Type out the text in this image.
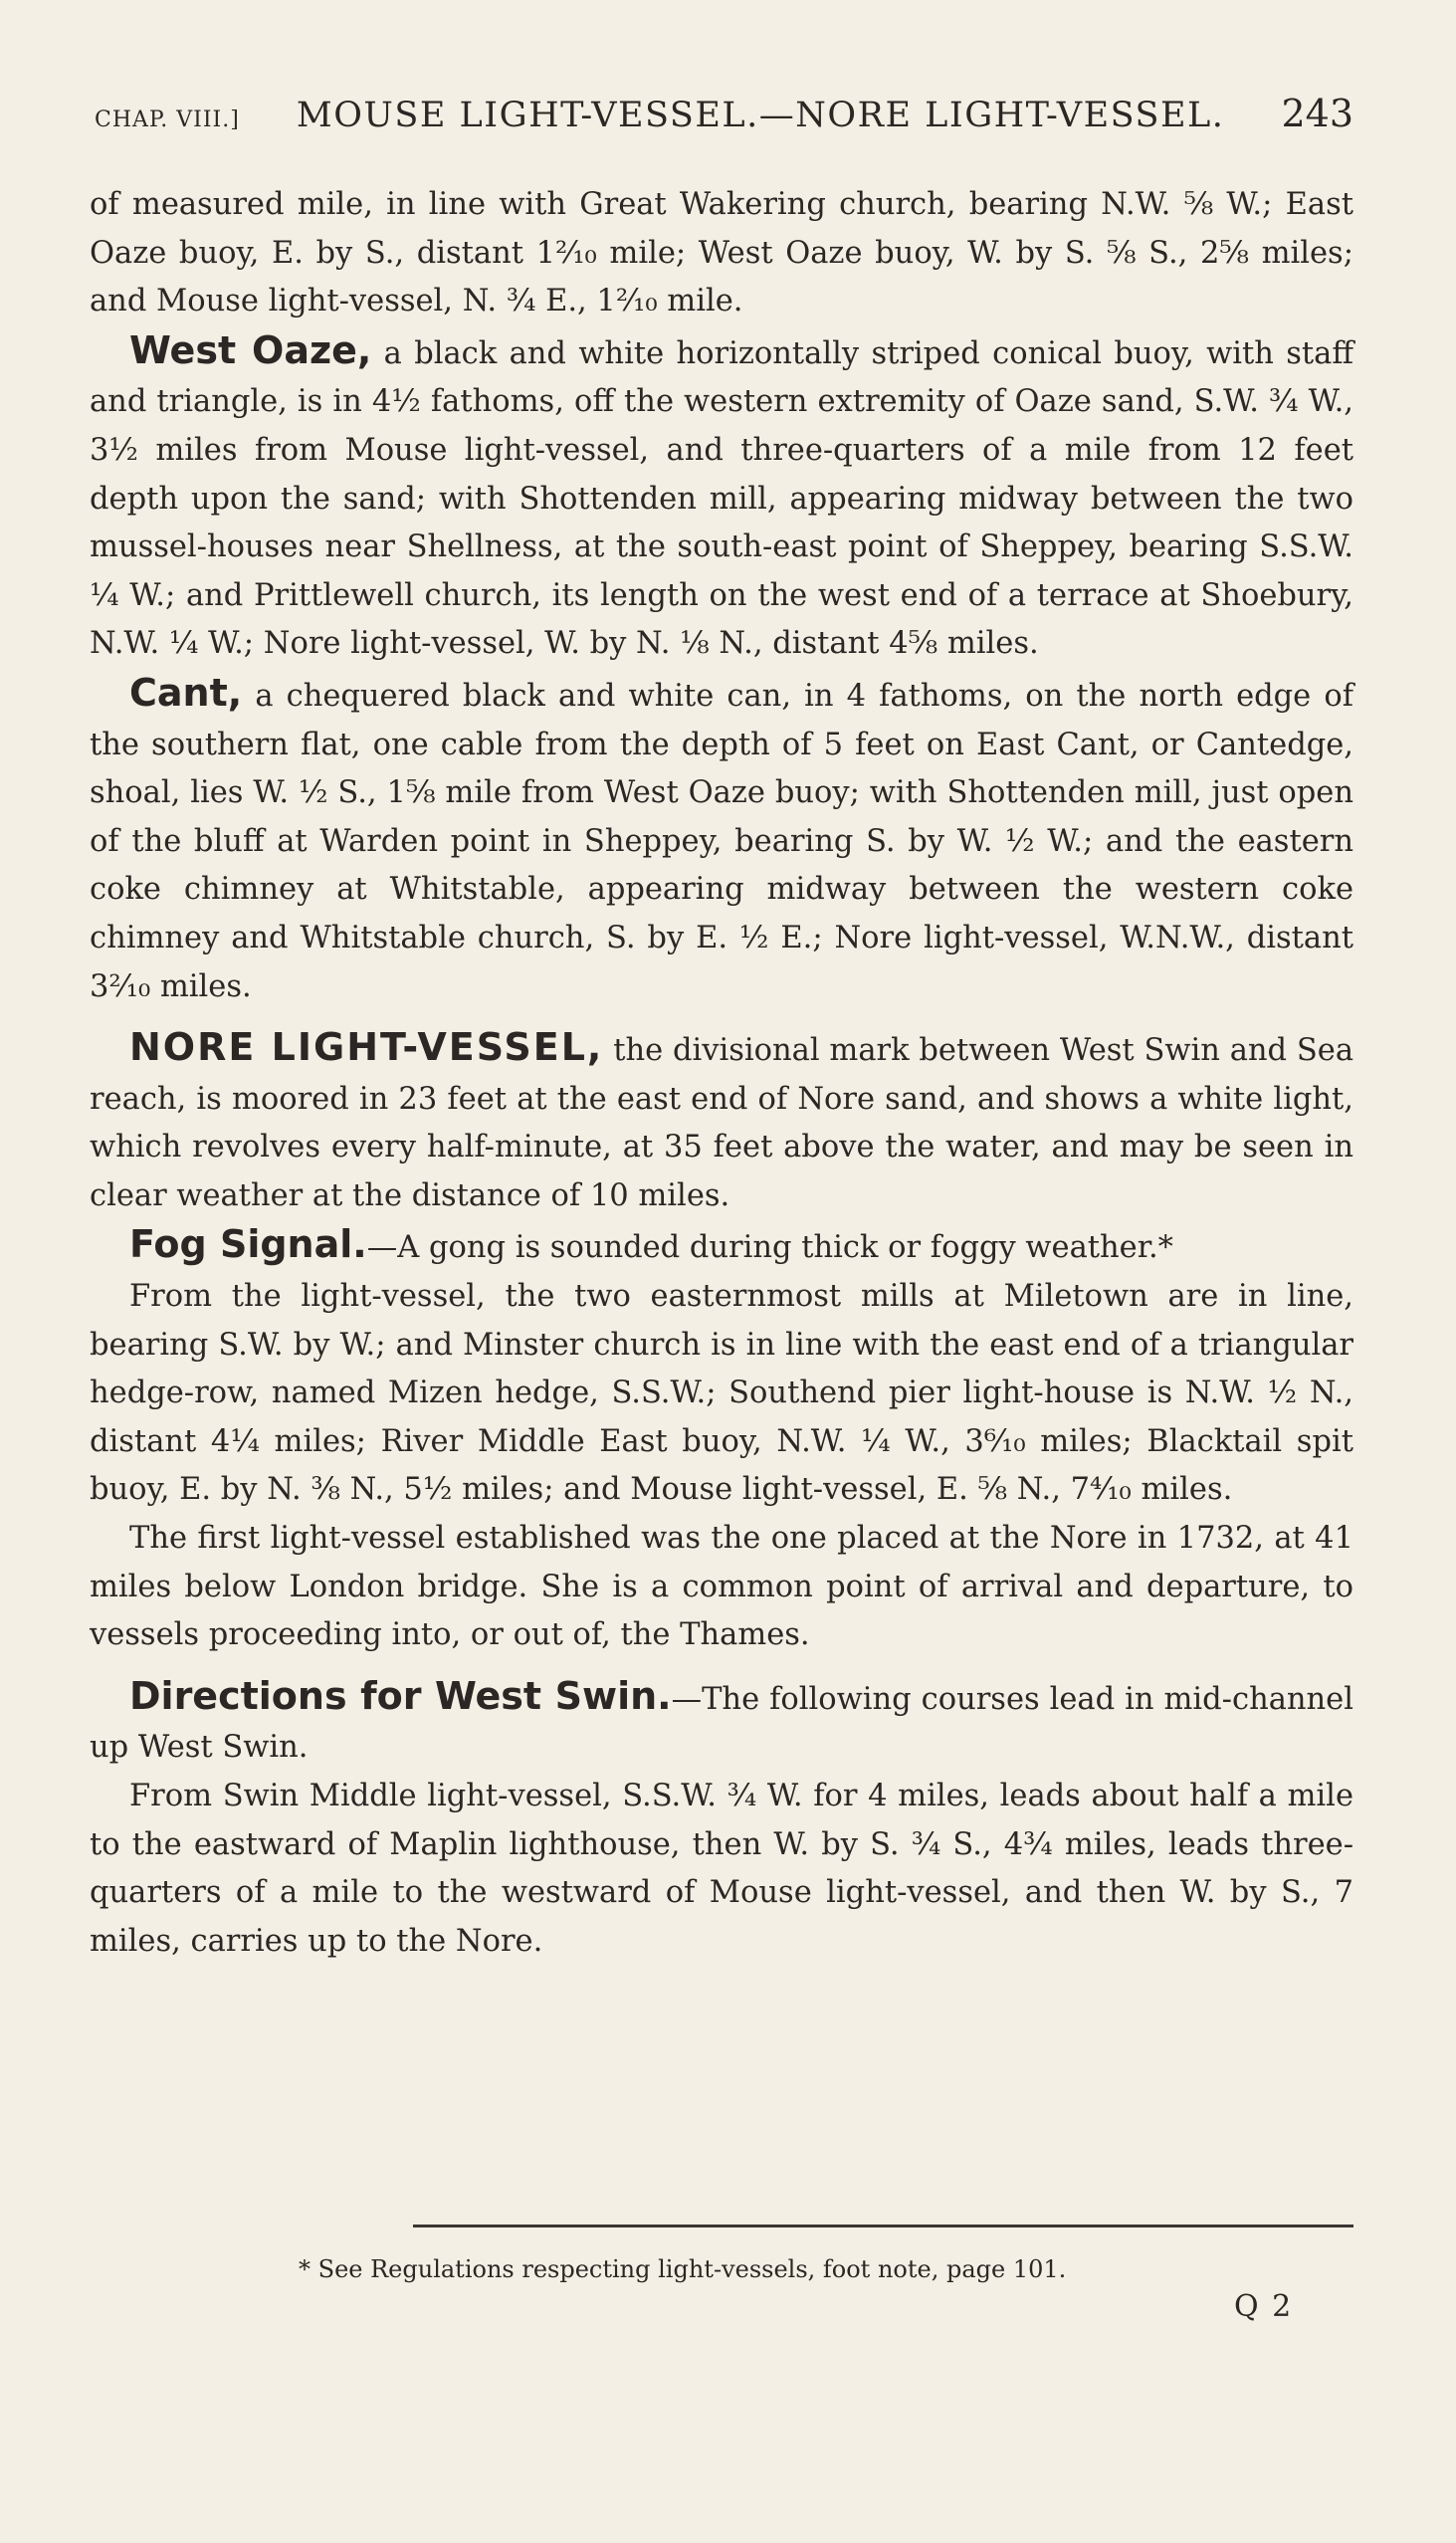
CHAP. VIII.]	MOUSE LIGHT-VESSEL.—NORE LIGHT-VESSEL.	243

of measured mile, in line with Great Wakering church, bearing N.W. ⅝ W.; East Oaze buoy, E. by S., distant 1²⁄₁₀ mile; West Oaze buoy, W. by S. ⅝ S., 2⅝ miles; and Mouse light-vessel, N. ¾ E., 1²⁄₁₀ mile.

West Oaze, a black and white horizontally striped conical buoy, with staff and triangle, is in 4½ fathoms, off the western extremity of Oaze sand, S.W. ¾ W., 3½ miles from Mouse light-vessel, and three-quarters of a mile from 12 feet depth upon the sand; with Shottenden mill, appearing midway between the two mussel-houses near Shellness, at the south-east point of Sheppey, bearing S.S.W. ¼ W.; and Prittlewell church, its length on the west end of a terrace at Shoebury, N.W. ¼ W.; Nore light-vessel, W. by N. ⅛ N., distant 4⅝ miles.

Cant, a chequered black and white can, in 4 fathoms, on the north edge of the southern flat, one cable from the depth of 5 feet on East Cant, or Cantedge, shoal, lies W. ½ S., 1⅝ mile from West Oaze buoy; with Shottenden mill, just open of the bluff at Warden point in Sheppey, bearing S. by W. ½ W.; and the eastern coke chimney at Whitstable, appearing midway between the western coke chimney and Whitstable church, S. by E. ½ E.; Nore light-vessel, W.N.W., distant 3²⁄₁₀ miles.

NORE LIGHT-VESSEL, the divisional mark between West Swin and Sea reach, is moored in 23 feet at the east end of Nore sand, and shows a white light, which revolves every half-minute, at 35 feet above the water, and may be seen in clear weather at the distance of 10 miles.

Fog Signal.—A gong is sounded during thick or foggy weather.*

From the light-vessel, the two easternmost mills at Miletown are in line, bearing S.W. by W.; and Minster church is in line with the east end of a triangular hedge-row, named Mizen hedge, S.S.W.; Southend pier light-house is N.W. ½ N., distant 4¼ miles; River Middle East buoy, N.W. ¼ W., 3⁶⁄₁₀ miles; Blacktail spit buoy, E. by N. ⅜ N., 5½ miles; and Mouse light-vessel, E. ⅝ N., 7⁴⁄₁₀ miles.

The first light-vessel established was the one placed at the Nore in 1732, at 41 miles below London bridge. She is a common point of arrival and departure, to vessels proceeding into, or out of, the Thames.

Directions for West Swin.—The following courses lead in mid-channel up West Swin.

From Swin Middle light-vessel, S.S.W. ¾ W. for 4 miles, leads about half a mile to the eastward of Maplin lighthouse, then W. by S. ¾ S., 4¾ miles, leads three-quarters of a mile to the westward of Mouse light-vessel, and then W. by S., 7 miles, carries up to the Nore.

* See Regulations respecting light-vessels, foot note, page 101.
Q 2
